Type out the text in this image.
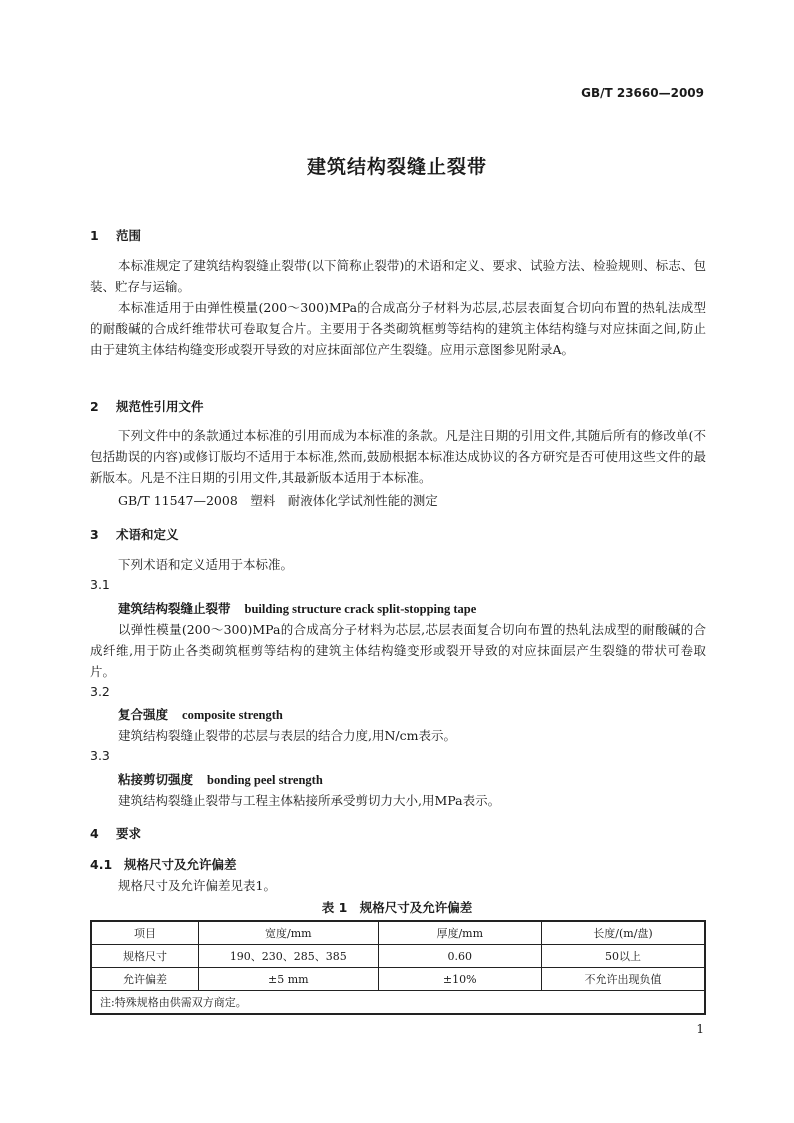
GB/T 23660—2009
建筑结构裂缝止裂带
1 范围
本标准规定了建筑结构裂缝止裂带(以下简称止裂带)的术语和定义、要求、试验方法、检验规则、标志、包装、贮存与运输。
本标准适用于由弹性模量(200～300)MPa的合成高分子材料为芯层,芯层表面复合切向布置的热轧法成型的耐酸碱的合成纤维带状可卷取复合片。主要用于各类砌筑框剪等结构的建筑主体结构缝与对应抹面之间,防止由于建筑主体结构缝变形或裂开导致的对应抹面部位产生裂缝。应用示意图参见附录A。
2 规范性引用文件
下列文件中的条款通过本标准的引用而成为本标准的条款。凡是注日期的引用文件,其随后所有的修改单(不包括勘误的内容)或修订版均不适用于本标准,然而,鼓励根据本标准达成协议的各方研究是否可使用这些文件的最新版本。凡是不注日期的引用文件,其最新版本适用于本标准。
GB/T 11547—2008　塑料　耐液体化学试剂性能的测定
3 术语和定义
下列术语和定义适用于本标准。
3.1
建筑结构裂缝止裂带 building structure crack split-stopping tape
以弹性模量(200～300)MPa的合成高分子材料为芯层,芯层表面复合切向布置的热轧法成型的耐酸碱的合成纤维,用于防止各类砌筑框剪等结构的建筑主体结构缝变形或裂开导致的对应抹面层产生裂缝的带状可卷取片。
3.2
复合强度 composite strength
建筑结构裂缝止裂带的芯层与表层的结合力度,用N/cm表示。
3.3
粘接剪切强度 bonding peel strength
建筑结构裂缝止裂带与工程主体粘接所承受剪切力大小,用MPa表示。
4 要求
4.1 规格尺寸及允许偏差
规格尺寸及允许偏差见表1。
表 1　规格尺寸及允许偏差
项目	宽度/mm	厚度/mm	长度/(m/盘)
规格尺寸	190、230、285、385	0.60	50以上
允许偏差	±5 mm	±10%	不允许出现负值
注:特殊规格由供需双方商定。			
1
